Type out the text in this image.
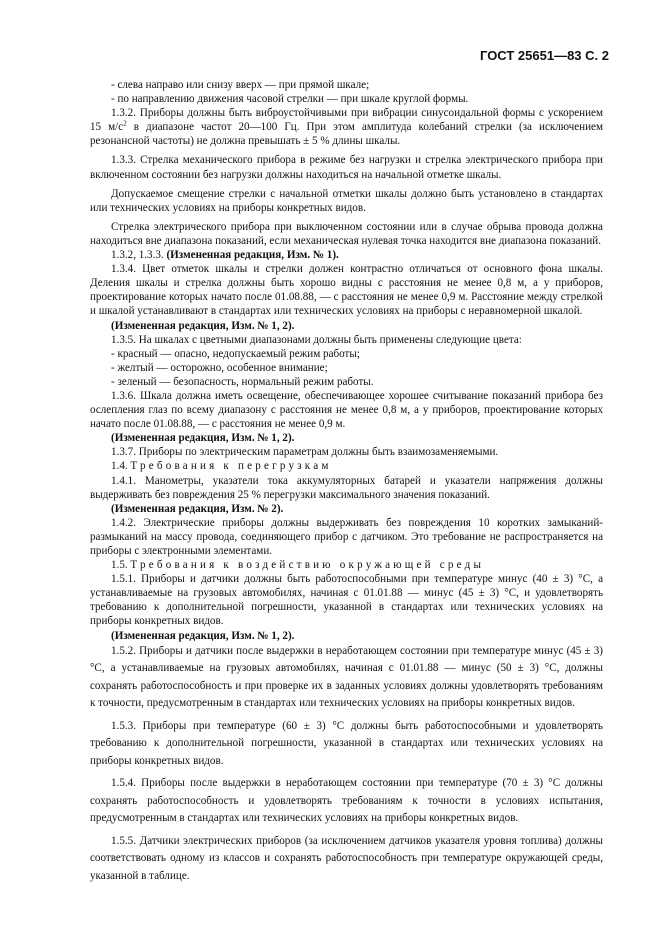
ГОСТ 25651—83 С. 2

- слева направо или снизу вверх — при прямой шкале;

- по направлению движения часовой стрелки — при шкале круглой формы.

1.3.2. Приборы должны быть виброустойчивыми при вибрации синусоидальной формы с ускорением 15 $м/с^2$ в диапазоне частот 20—100 Гц. При этом амплитуда колебаний стрелки (за исключением резонансной частоты) не должна превышать ± 5 % длины шкалы.

1.3.3. Стрелка механического прибора в режиме без нагрузки и стрелка электрического прибора при включенном состоянии без нагрузки должны находиться на начальной отметке шкалы.

Допускаемое смещение стрелки с начальной отметки шкалы должно быть установлено в стандартах или технических условиях на приборы конкретных видов.

Стрелка электрического прибора при выключенном состоянии или в случае обрыва провода должна находиться вне диапазона показаний, если механическая нулевая точка находится вне диапазона показаний.

1.3.2, 1.3.3. (Измененная редакция, Изм. № 1).

1.3.4. Цвет отметок шкалы и стрелки должен контрастно отличаться от основного фона шкалы. Деления шкалы и стрелка должны быть хорошо видны с расстояния не менее 0,8 м, а у приборов, проектирование которых начато после 01.08.88, — с расстояния не менее 0,9 м. Расстояние между стрелкой и шкалой устанавливают в стандартах или технических условиях на приборы с неравномерной шкалой.

(Измененная редакция, Изм. № 1, 2).

1.3.5. На шкалах с цветными диапазонами должны быть применены следующие цвета:

- красный — опасно, недопускаемый режим работы;

- желтый — осторожно, особенное внимание;

- зеленый — безопасность, нормальный режим работы.

1.3.6. Шкала должна иметь освещение, обеспечивающее хорошее считывание показаний прибора без ослепления глаз по всему диапазону с расстояния не менее 0,8 м, а у приборов, проектирование которых начато после 01.08.88, — с расстояния не менее 0,9 м.

(Измененная редакция, Изм. № 1, 2).

1.3.7. Приборы по электрическим параметрам должны быть взаимозаменяемыми.

1.4. Требования к перегрузкам

1.4.1. Манометры, указатели тока аккумуляторных батарей и указатели напряжения должны выдерживать без повреждения 25 % перегрузки максимального значения показаний.

(Измененная редакция, Изм. № 2).

1.4.2. Электрические приборы должны выдерживать без повреждения 10 коротких замыканий-размыканий на массу провода, соединяющего прибор с датчиком. Это требование не распространяется на приборы с электронными элементами.

1.5. Требования к воздействию окружающей среды

1.5.1. Приборы и датчики должны быть работоспособными при температуре минус (40 ± 3) °С, а устанавливаемые на грузовых автомобилях, начиная с 01.01.88 — минус (45 ± 3) °С, и удовлетворять требованию к дополнительной погрешности, указанной в стандартах или технических условиях на приборы конкретных видов.

(Измененная редакция, Изм. № 1, 2).

1.5.2. Приборы и датчики после выдержки в неработающем состоянии при температуре минус (45 ± 3) °С, а устанавливаемые на грузовых автомобилях, начиная с 01.01.88 — минус (50 ± 3) °С, должны сохранять работоспособность и при проверке их в заданных условиях должны удовлетворять требованиям к точности, предусмотренным в стандартах или технических условиях на приборы конкретных видов.

1.5.3. Приборы при температуре (60 ± 3) °С должны быть работоспособными и удовлетворять требованию к дополнительной погрешности, указанной в стандартах или технических условиях на приборы конкретных видов.

1.5.4. Приборы после выдержки в неработающем состоянии при температуре (70 ± 3) °С должны сохранять работоспособность и удовлетворять требованиям к точности в условиях испытания, предусмотренным в стандартах или технических условиях на приборы конкретных видов.

1.5.5. Датчики электрических приборов (за исключением датчиков указателя уровня топлива) должны соответствовать одному из классов и сохранять работоспособность при температуре окружающей среды, указанной в таблице.
